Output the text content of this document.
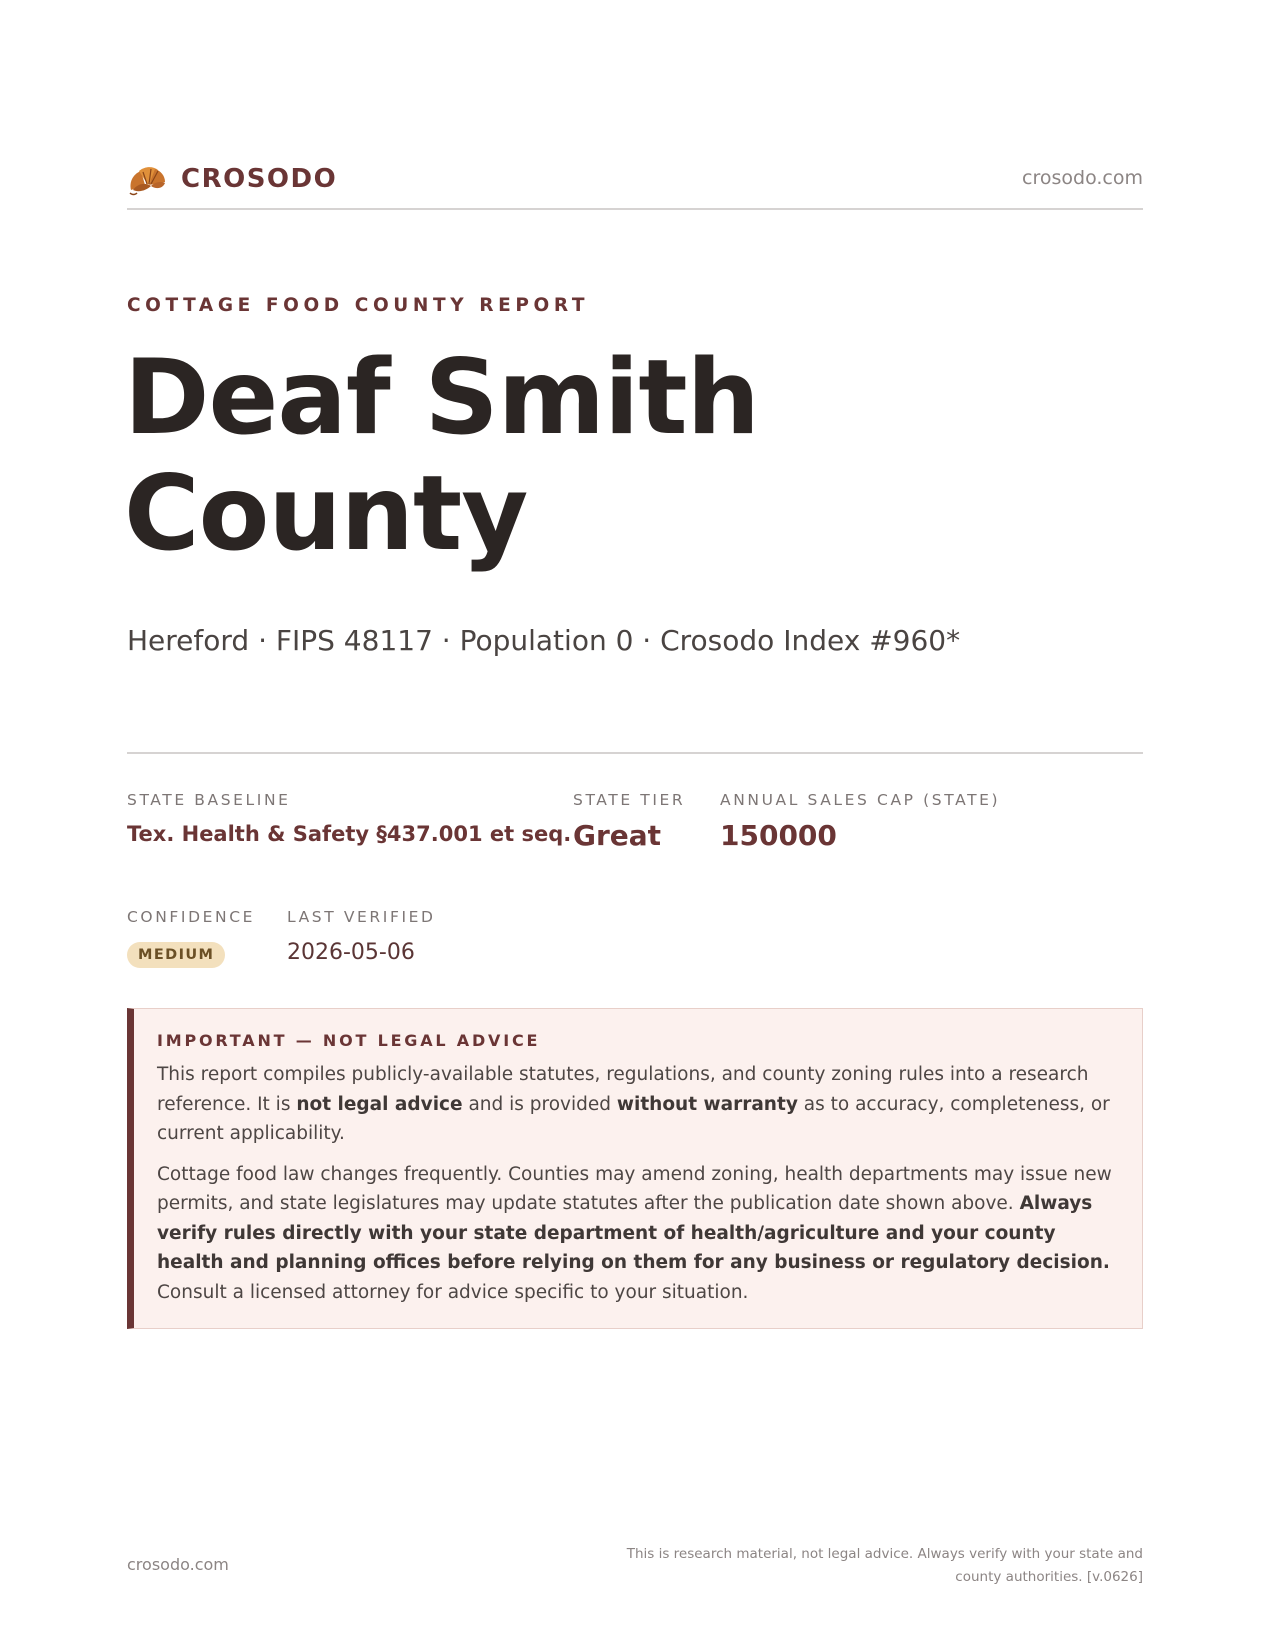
CROSODO	crosodo.com
COTTAGE FOOD COUNTY REPORT
Deaf Smith County
Hereford · FIPS 48117 · Population 0 · Crosodo Index #960*
STATE BASELINE
Tex. Health & Safety §437.001 et seq.
STATE TIER
Great
ANNUAL SALES CAP (STATE)
150000
CONFIDENCE
MEDIUM
LAST VERIFIED
2026-05-06
IMPORTANT — NOT LEGAL ADVICE

This report compiles publicly-available statutes, regulations, and county zoning rules into a research reference. It is not legal advice and is provided without warranty as to accuracy, completeness, or current applicability.

Cottage food law changes frequently. Counties may amend zoning, health departments may issue new permits, and state legislatures may update statutes after the publication date shown above. Always verify rules directly with your state department of health/agriculture and your county health and planning offices before relying on them for any business or regulatory decision. Consult a licensed attorney for advice specific to your situation.

crosodo.com
This is research material, not legal advice. Always verify with your state and county authorities. [v.0626]
